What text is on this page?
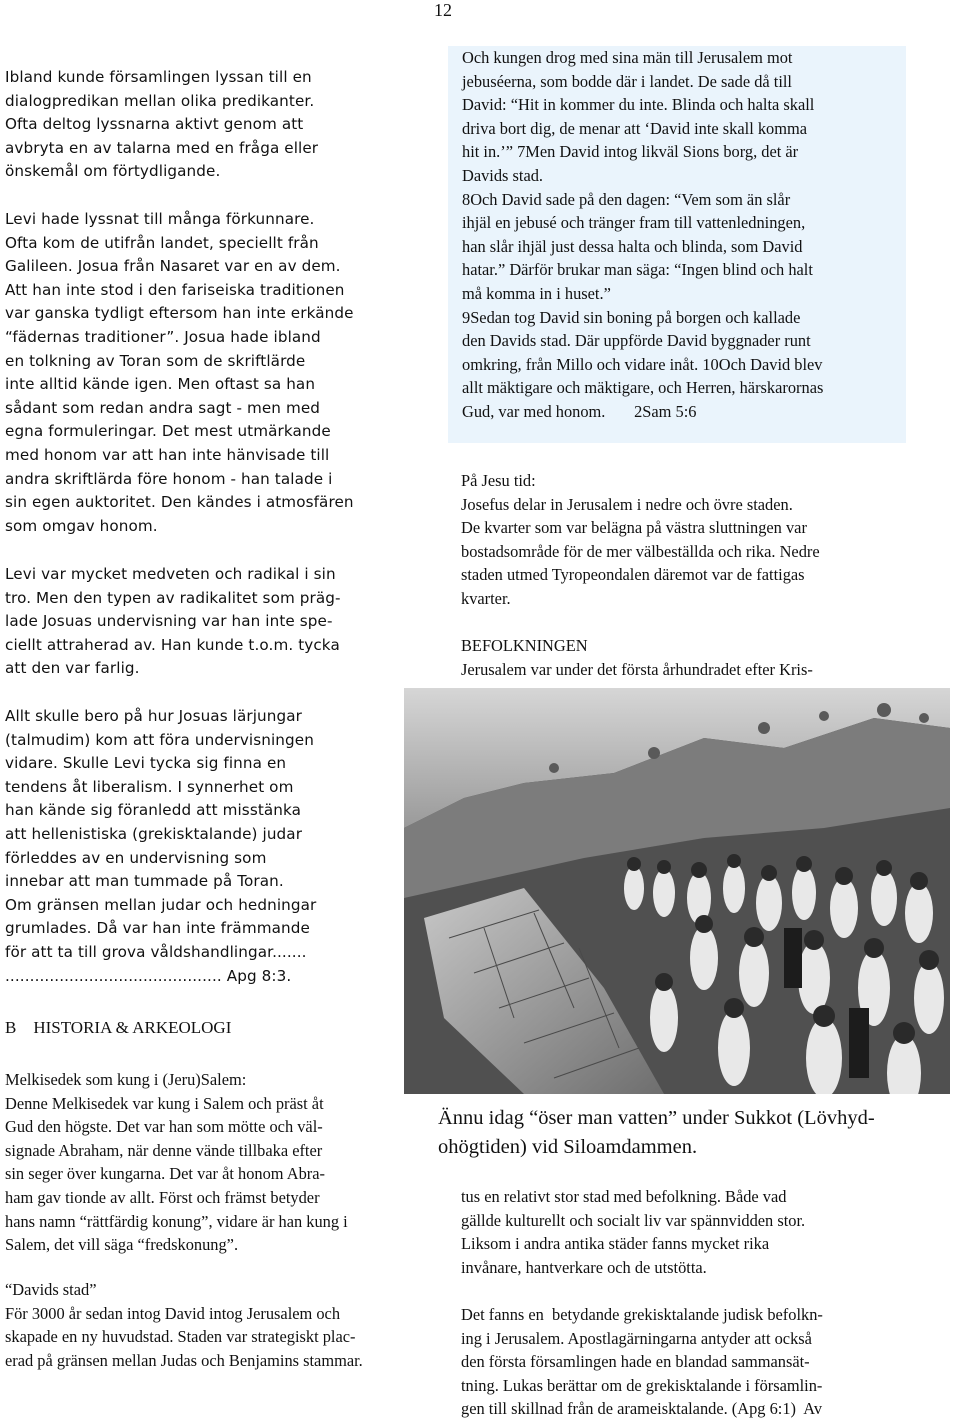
12
Ibland kunde församlingen lyssan till en
dialogpredikan mellan olika predikanter.
Ofta deltog lyssnarna aktivt genom att
avbryta en av talarna med en fråga eller
önskemål om förtydligande.
Levi hade lyssnat till många förkunnare.
Ofta kom de utifrån landet, speciellt från
Galileen. Josua från Nasaret var en av dem.
Att han inte stod i den fariseiska traditionen
var ganska tydligt eftersom han inte erkände
“fädernas traditioner”. Josua hade ibland
en tolkning av Toran som de skriftlärde
inte alltid kände igen. Men oftast sa han
sådant som redan andra sagt - men med
egna formuleringar. Det mest utmärkande
med honom var att han inte hänvisade till
andra skriftlärda före honom - han talade i
sin egen auktoritet. Den kändes i atmosfären
som omgav honom.
Levi var mycket medveten och radikal i sin
tro. Men den typen av radikalitet som präg-
lade Josuas undervisning var han inte spe-
ciellt attraherad av. Han kunde t.o.m. tycka
att den var farlig.
Allt skulle bero på hur Josuas lärjungar
(talmudim) kom att föra undervisningen
vidare. Skulle Levi tycka sig finna en
tendens åt liberalism. I synnerhet om
han kände sig föranledd att misstänka
att hellenistiska (grekisktalande) judar
förleddes av en undervisning som
innebar att man tummade på Toran.
Om gränsen mellan judar och hedningar
grumlades. Då var han inte främmande
för att ta till grova våldshandlingar.......
............................................ Apg 8:3.
B    HISTORIA & ARKEOLOGI
Melkisedek som kung i (Jeru)Salem:
Denne Melkisedek var kung i Salem och präst åt
Gud den högste. Det var han som mötte och väl-
signade Abraham, när denne vände tillbaka efter
sin seger över kungarna. Det var åt honom Abra-
ham gav tionde av allt. Först och främst betyder
hans namn “rättfärdig konung”, vidare är han kung i
Salem, det vill säga “fredskonung”.
“Davids stad”
För 3000 år sedan intog David intog Jerusalem och
skapade en ny huvudstad. Staden var strategiskt plac-
erad på gränsen mellan Judas och Benjamins stammar.
Och kungen drog med sina män till Jerusalem mot
jebuséerna, som bodde där i landet. De sade då till
David: “Hit in kommer du inte. Blinda och halta skall
driva bort dig, de menar att ‘David inte skall komma
hit in.’” 7Men David intog likväl Sions borg, det är
Davids stad.
8Och David sade på den dagen: “Vem som än slår
ihjäl en jebusé och tränger fram till vattenledningen,
han slår ihjäl just dessa halta och blinda, som David
hatar.” Därför brukar man säga: “Ingen blind och halt
må komma in i huset.”
9Sedan tog David sin boning på borgen och kallade
den Davids stad. Där uppförde David byggnader runt
omkring, från Millo och vidare inåt. 10Och David blev
allt mäktigare och mäktigare, och Herren, härskarornas
Gud, var med honom.       2Sam 5:6
På Jesu tid:
Josefus delar in Jerusalem i nedre och övre staden.
De kvarter som var belägna på västra sluttningen var
bostadsområde för de mer välbeställda och rika. Nedre
staden utmed Tyropeondalen däremot var de fattigas
kvarter.
BEFOLKNINGEN
Jerusalem var under det första århundradet efter Kris-
Ännu idag “öser man vatten” under Sukkot (Lövhyd-
ohögtiden) vid Siloamdammen.
tus en relativt stor stad med befolkning. Både vad
gällde kulturellt och socialt liv var spännvidden stor.
Liksom i andra antika städer fanns mycket rika
invånare, hantverkare och de utstötta.
Det fanns en  betydande grekisktalande judisk befolkn-
ing i Jerusalem. Apostlagärningarna antyder att också
den första församlingen hade en blandad sammansät-
tning. Lukas berättar om de grekisktalande i församlin-
gen till skillnad från de arameisktalande. (Apg 6:1)  Av
